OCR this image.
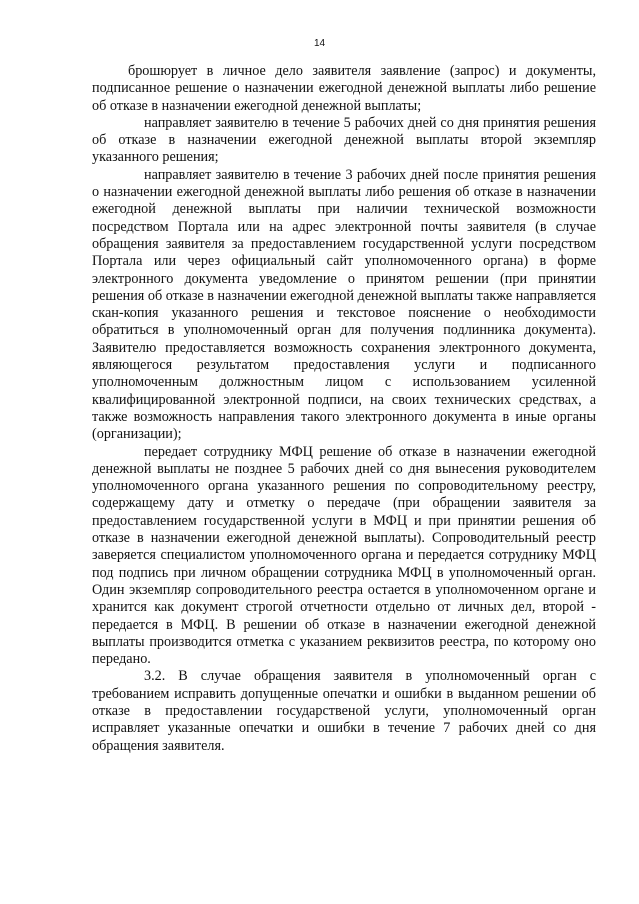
14

брошюрует в личное дело заявителя заявление (запрос) и документы, подписанное решение о назначении ежегодной денежной выплаты либо решение об отказе в назначении ежегодной денежной выплаты;

направляет заявителю в течение 5 рабочих дней со дня принятия решения об отказе в назначении ежегодной денежной выплаты второй экземпляр указанного решения;

направляет заявителю в течение 3 рабочих дней после принятия решения о назначении ежегодной денежной выплаты либо решения об отказе в назначении ежегодной денежной выплаты при наличии технической возможности посредством Портала или на адрес электронной почты заявителя (в случае обращения заявителя за предоставлением государственной услуги посредством Портала или через официальный сайт уполномоченного органа) в форме электронного документа уведомление о принятом решении (при принятии решения об отказе в назначении ежегодной денежной выплаты также направляется скан-копия указанного решения и текстовое пояснение о необходимости обратиться в уполномоченный орган для получения подлинника документа). Заявителю предоставляется возможность сохранения электронного документа, являющегося результатом предоставления услуги и подписанного уполномоченным должностным лицом с использованием усиленной квалифицированной электронной подписи, на своих технических средствах, а также возможность направления такого электронного документа в иные органы (организации);

передает сотруднику МФЦ решение об отказе в назначении ежегодной денежной выплаты не позднее 5 рабочих дней со дня вынесения руководителем уполномоченного органа указанного решения по сопроводительному реестру, содержащему дату и отметку о передаче (при обращении заявителя за предоставлением государственной услуги в МФЦ и при принятии решения об отказе в назначении ежегодной денежной выплаты). Сопроводительный реестр заверяется специалистом уполномоченного органа и передается сотруднику МФЦ под подпись при личном обращении сотрудника МФЦ в уполномоченный орган. Один экземпляр сопроводительного реестра остается в уполномоченном органе и хранится как документ строгой отчетности отдельно от личных дел, второй - передается в МФЦ. В решении об отказе в назначении ежегодной денежной выплаты производится отметка с указанием реквизитов реестра, по которому оно передано.

3.2. В случае обращения заявителя в уполномоченный орган с требованием исправить допущенные опечатки и ошибки в выданном решении об отказе в предоставлении государственой услуги, уполномоченный орган исправляет указанные опечатки и ошибки в течение 7 рабочих дней со дня обращения заявителя.
